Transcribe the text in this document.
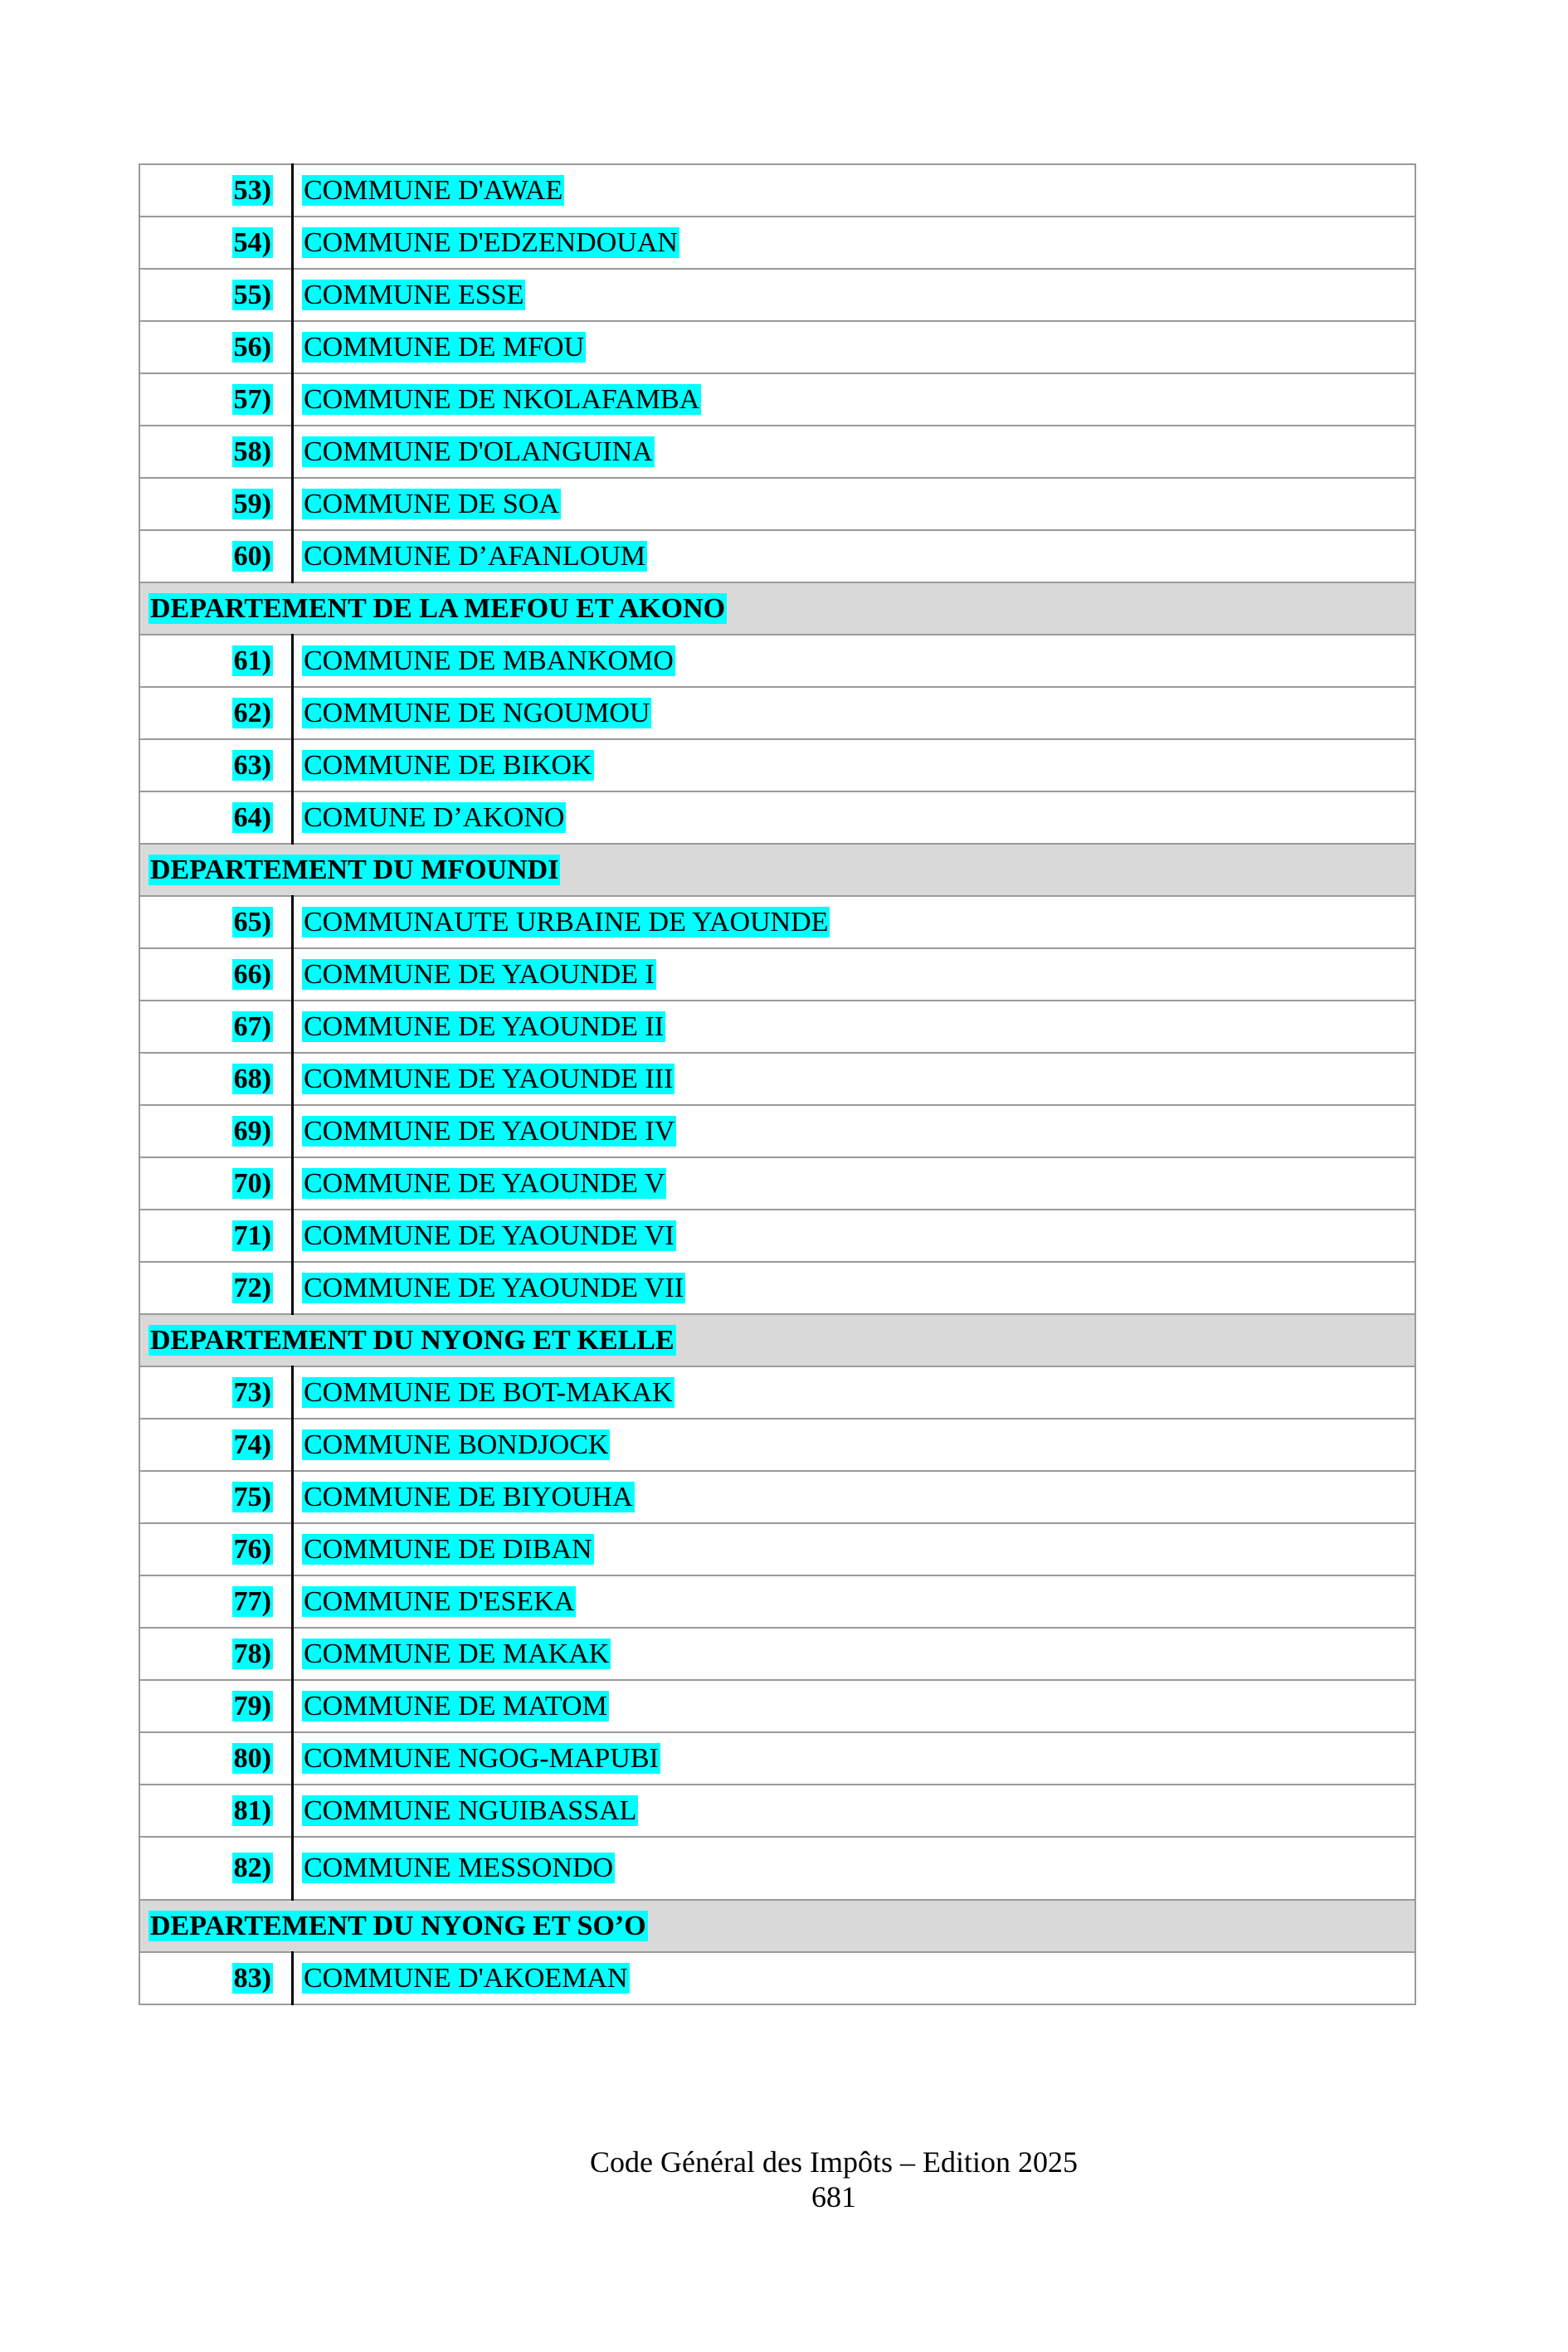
53)	COMMUNE D'AWAE
54)	COMMUNE D'EDZENDOUAN
55)	COMMUNE ESSE
56)	COMMUNE DE MFOU
57)	COMMUNE DE NKOLAFAMBA
58)	COMMUNE D'OLANGUINA
59)	COMMUNE DE SOA
60)	COMMUNE D’AFANLOUM
DEPARTEMENT DE LA MEFOU ET AKONO	
61)	COMMUNE DE MBANKOMO
62)	COMMUNE DE NGOUMOU
63)	COMMUNE DE BIKOK
64)	COMUNE D’AKONO
DEPARTEMENT DU MFOUNDI	
65)	COMMUNAUTE URBAINE DE YAOUNDE
66)	COMMUNE DE YAOUNDE I
67)	COMMUNE DE YAOUNDE II
68)	COMMUNE DE YAOUNDE III
69)	COMMUNE DE YAOUNDE IV
70)	COMMUNE DE YAOUNDE V
71)	COMMUNE DE YAOUNDE VI
72)	COMMUNE DE YAOUNDE VII
DEPARTEMENT DU NYONG ET KELLE	
73)	COMMUNE DE BOT-MAKAK
74)	COMMUNE BONDJOCK
75)	COMMUNE DE BIYOUHA
76)	COMMUNE DE DIBAN
77)	COMMUNE D'ESEKA
78)	COMMUNE DE MAKAK
79)	COMMUNE DE MATOM
80)	COMMUNE NGOG-MAPUBI
81)	COMMUNE NGUIBASSAL
82)	COMMUNE MESSONDO
DEPARTEMENT DU NYONG ET SO’O	
83)	COMMUNE D'AKOEMAN
Code Général des Impôts – Edition 2025
681
